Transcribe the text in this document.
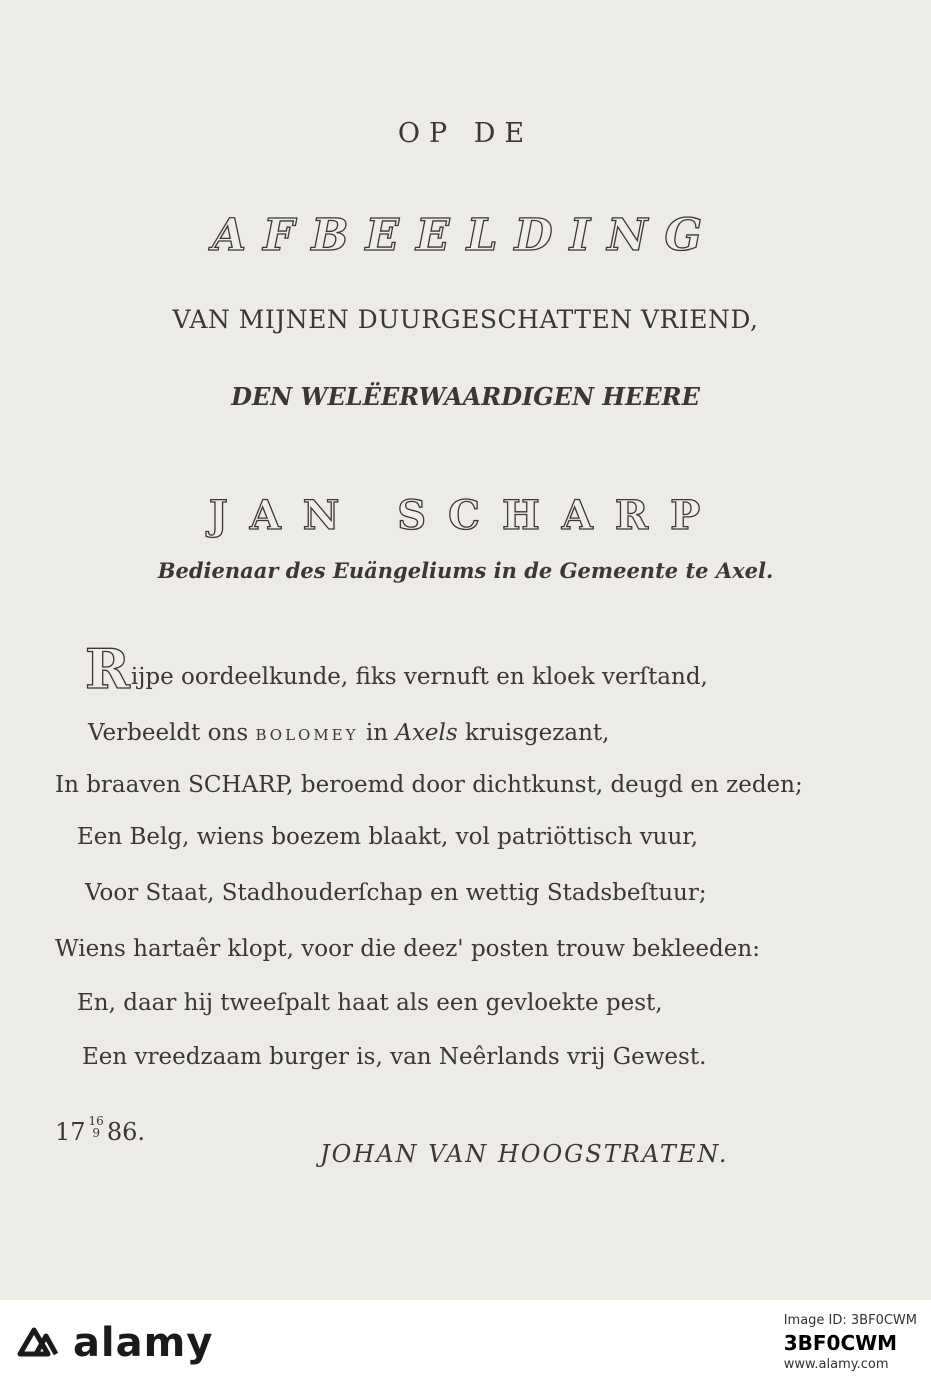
OP DE
AFBEELDING
VAN MIJNEN DUURGESCHATTEN VRIEND,
DEN WELËERWAARDIGEN HEERE
JAN SCHARP
Bedienaar des Euängeliums in de Gemeente te Axel.
Rijpe oordeelkunde, fiks vernuft en kloek verſtand,
Verbeeldt ons BOLOMEY in Axels kruisgezant,
In braaven SCHARP, beroemd door dichtkunst, deugd en zeden;
Een Belg, wiens boezem blaakt, vol patriöttisch vuur,
Voor Staat, Stadhouderſchap en wettig Stadsbeſtuur;
Wiens hartaêr klopt, voor die deez' posten trouw bekleeden:
En, daar hij tweeſpalt haat als een gevloekte pest,
Een vreedzaam burger is, van Neêrlands vrij Gewest.
17 16
9 86.
JOHAN VAN HOOGSTRATEN.
alamy	Image ID: 3BF0CWM
3BF0CWM
www.alamy.com
